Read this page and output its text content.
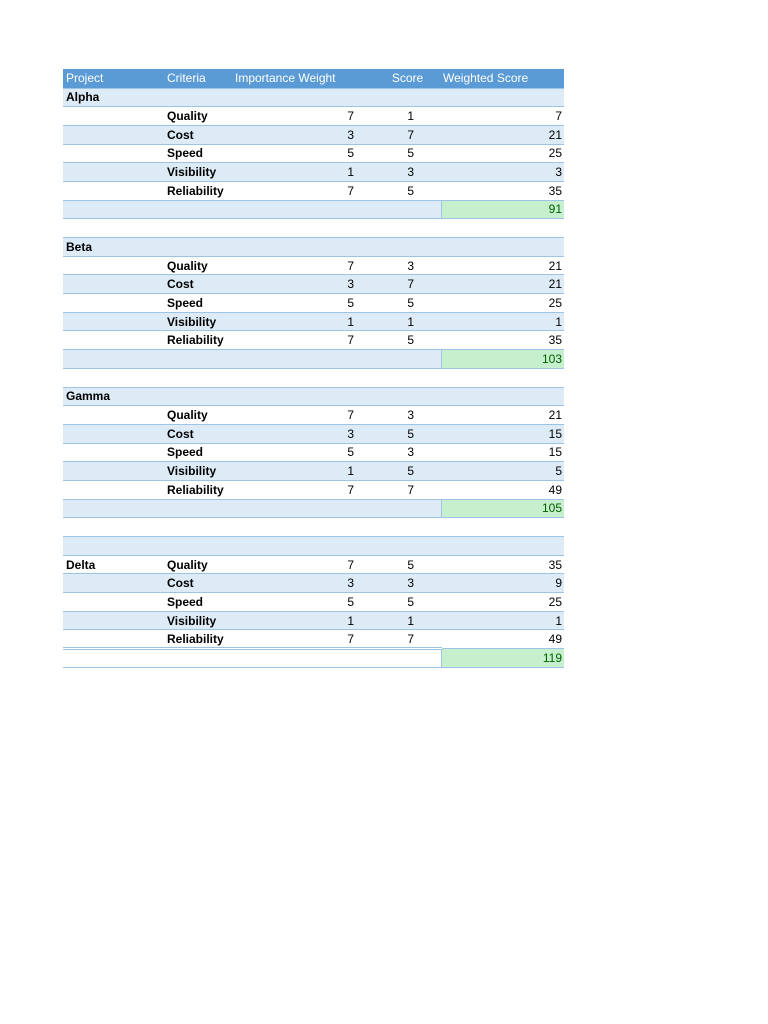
Project	Criteria	Importance Weight	Score	Weighted Score
Alpha				
	Quality	7	1	7
	Cost	3	7	21
	Speed	5	5	25
	Visibility	1	3	3
	Reliability	7	5	35
				91

Beta				
	Quality	7	3	21
	Cost	3	7	21
	Speed	5	5	25
	Visibility	1	1	1
	Reliability	7	5	35
				103

Gamma				
	Quality	7	3	21
	Cost	3	5	15
	Speed	5	3	15
	Visibility	1	5	5
	Reliability	7	7	49
				105

Delta	Quality	7	5	35
	Cost	3	3	9
	Speed	5	5	25
	Visibility	1	1	1
	Reliability	7	7	49
				119
